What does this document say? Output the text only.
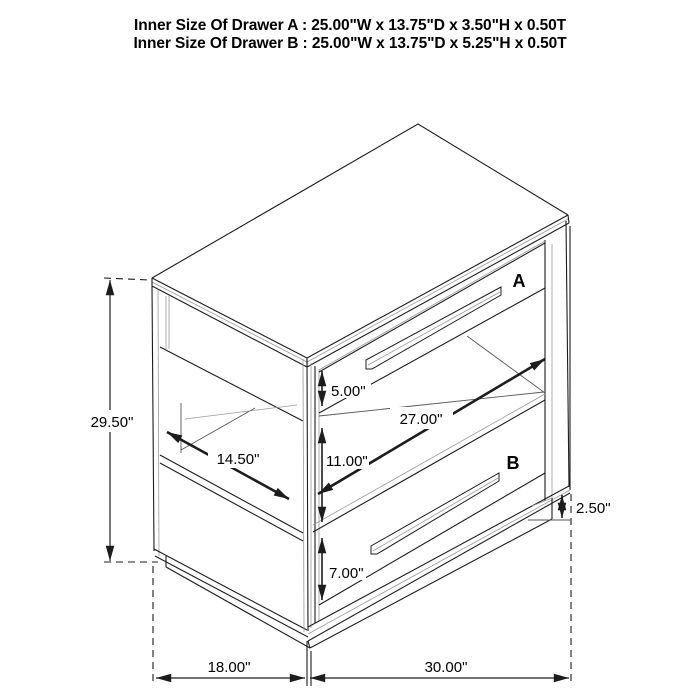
Inner Size Of Drawer A : 25.00"W x 13.75"D x 3.50"H x 0.50T
Inner Size Of Drawer B : 25.00"W x 13.75"D x 5.25"H x 0.50T
29.50"
14.50"
5.00"
27.00"
11.00"
7.00"
2.50"
18.00"	30.00"
A
B
